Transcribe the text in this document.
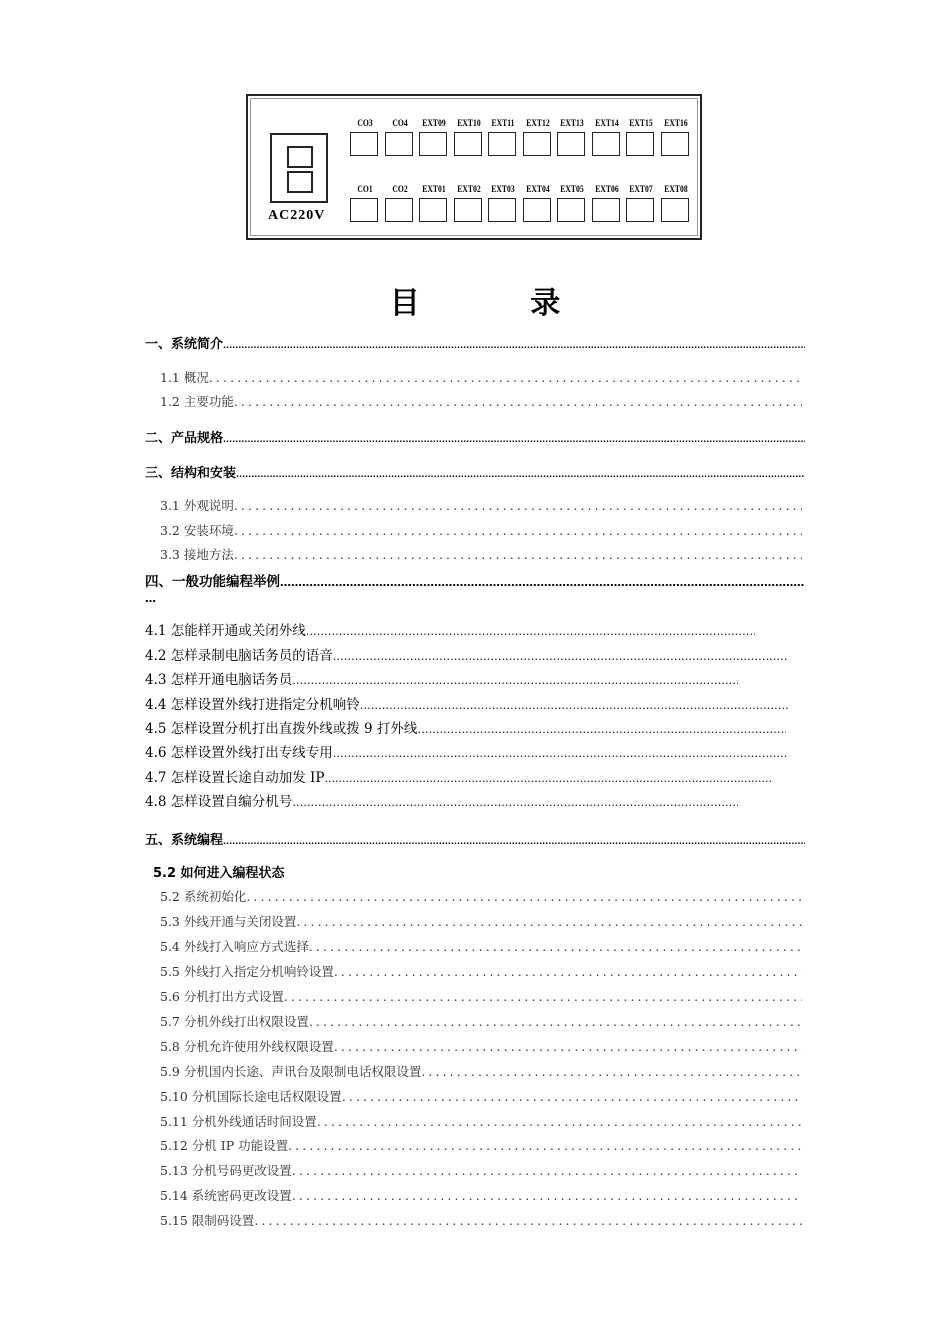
AC220V
CO3	CO4	EXT09 EXT10 EXT11 EXT12 EXT13 EXT14 EXT15 EXT16
CO1	CO2	EXT01 EXT02 EXT03 EXT04 EXT05 EXT06 EXT07 EXT08
目 录
一、系统简介
.....
1.1 概况
.....
1.2 主要功能
.....
二、产品规格
.....
三、结构和安装
.....
3.1 外观说明
.....
3.2 安装环境
.....
3.3 接地方法
.....
四、一般功能编程举例
……………………………………………………………………………………………………………………………………………………
…
4.1 怎能样开通或关闭外线
……………………………………………………………………………………………………………………………………………………
4.2 怎样录制电脑话务员的语音
……………………………………………………………………………………………………………………………………………………
4.3 怎样开通电脑话务员
……………………………………………………………………………………………………………………………………………………
4.4 怎样设置外线打进指定分机响铃
……………………………………………………………………………………………………………………………………………………
4.5 怎样设置分机打出直拨外线或拨 9 打外线
……………………………………………………………………………………………………………………………………………………
4.6 怎样设置外线打出专线专用
……………………………………………………………………………………………………………………………………………………
4.7 怎样设置长途自动加发 IP
.....
4.8 怎样设置自编分机号
……………………………………………………………………………………………………………………………………………………
五、系统编程
.....
5.2 如何进入编程状态
5.2 系统初始化
.....
5.3 外线开通与关闭设置
.....
5.4 外线打入响应方式选择
.....
5.5 外线打入指定分机响铃设置
.....
5.6 分机打出方式设置
.....
5.7 分机外线打出权限设置
.....
5.8 分机允许使用外线权限设置
.....
5.9 分机国内长途、声讯台及限制电话权限设置
.....
5.10 分机国际长途电话权限设置
.....
5.11 分机外线通话时间设置
.....
5.12 分机 IP 功能设置
.....
5.13 分机号码更改设置
.....
5.14 系统密码更改设置
.....
5.15 限制码设置
.....
